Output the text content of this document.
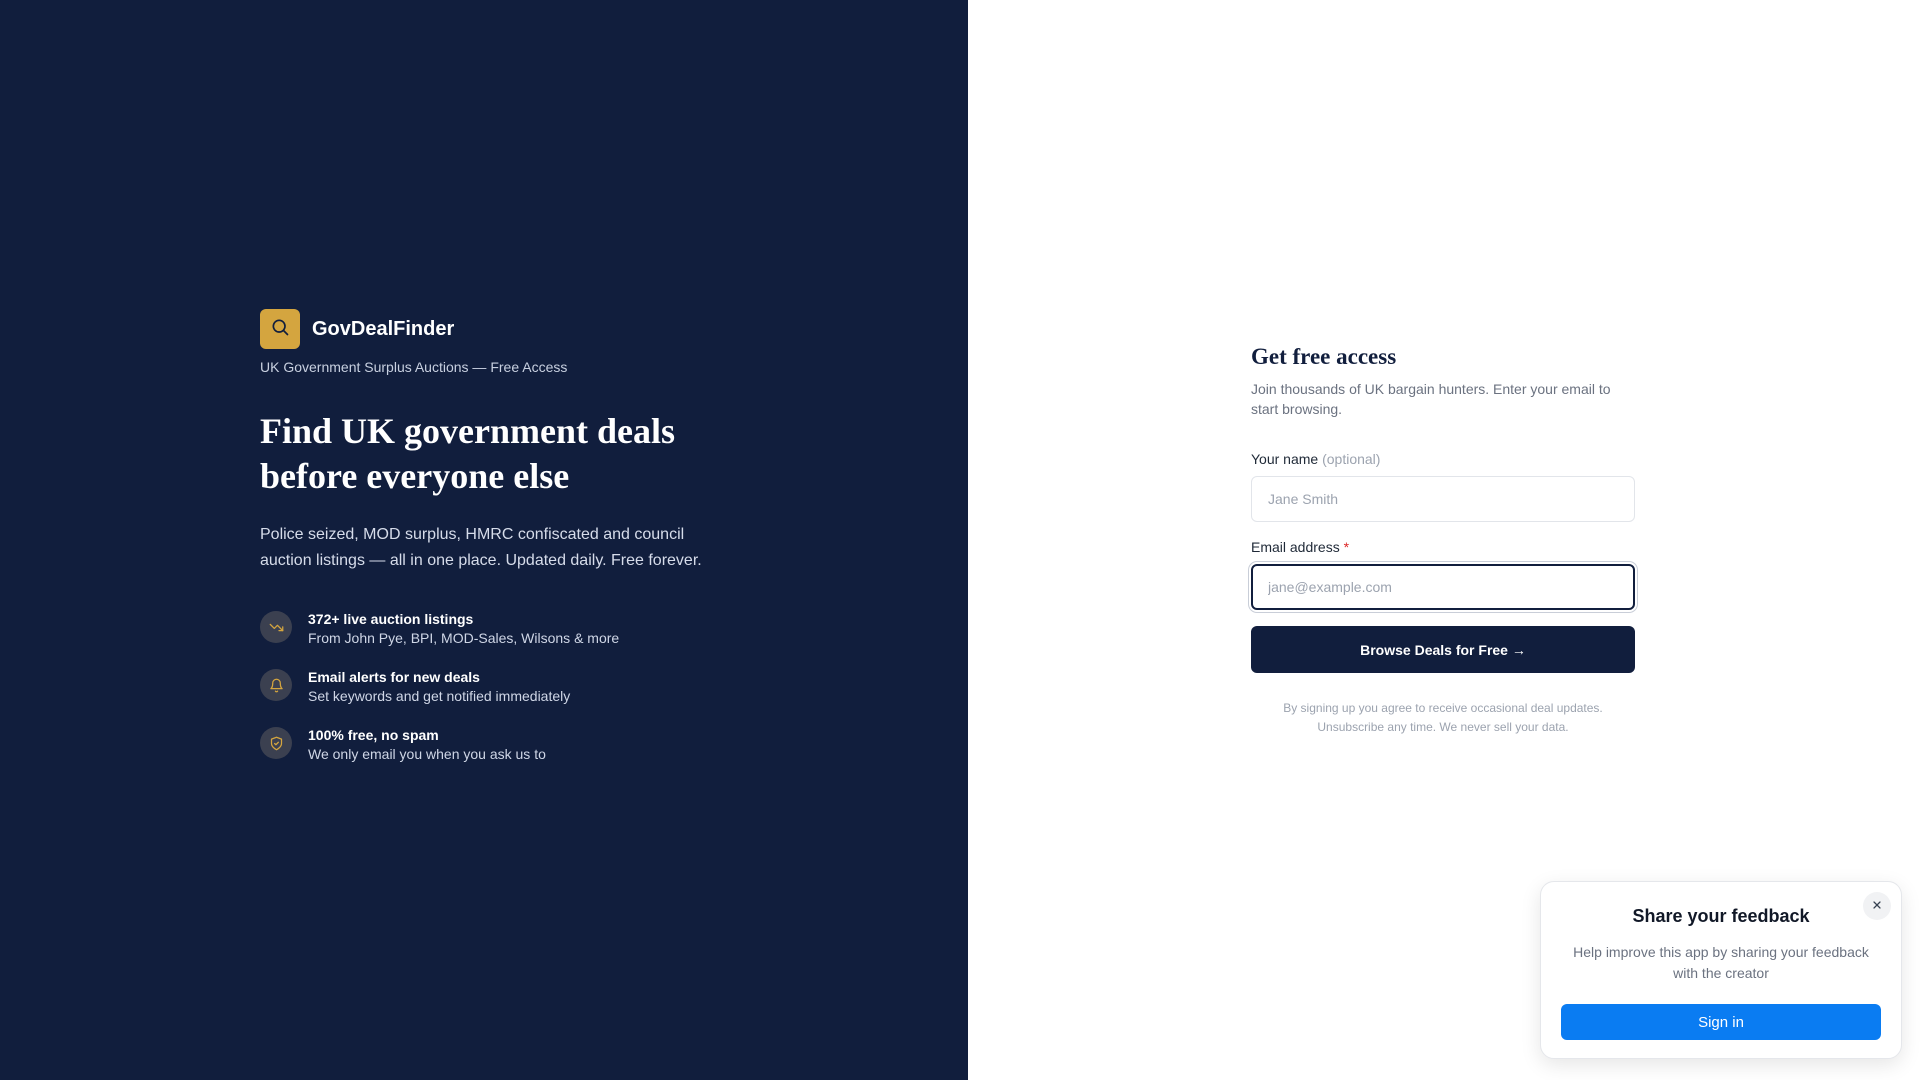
GovDealFinder
UK Government Surplus Auctions — Free Access
Find UK government deals before everyone else

Police seized, MOD surplus, HMRC confiscated and council auction listings — all in one place. Updated daily. Free forever.

372+ live auction listings
From John Pye, BPI, MOD-Sales, Wilsons & more
Email alerts for new deals
Set keywords and get notified immediately
100% free, no spam
We only email you when you ask us to
Get free access

Join thousands of UK bargain hunters. Enter your email to start browsing.

Your name (optional)
Jane Smith
Email address *
jane@example.com Browse Deals for Free →
By signing up you agree to receive occasional deal updates.
Unsubscribe any time. We never sell your data.
Share your feedback
Help improve this app by sharing your feedback with the creator
Sign in
